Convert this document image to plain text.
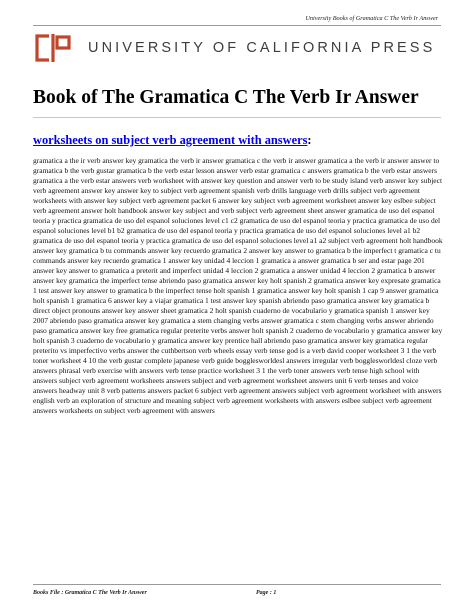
University Books of Gramatica C The Verb Ir Answer
UNIVERSITY OF CALIFORNIA PRESS
Book of The Gramatica C The Verb Ir Answer
worksheets on subject verb agreement with answers:

gramatica a the ir verb answer key gramatica the verb ir answer gramatica c the verb ir answer gramatica a the verb ir answer answer to gramatica b the verb gustar gramatica b the verb estar lesson answer verb estar gramatica c answers gramatica b the verb estar answers gramatica a the verb estar answers verb worksheet with answer key question and answer verb to be study island verb answer key subject verb agreement answer key answer key to subject verb agreement spanish verb drills language verb drills subject verb agreement worksheets with answer key subject verb agreement packet 6 answer key subject verb agreement worksheet answer key eslbee subject verb agreement answer holt handbook answer key subject and verb subject verb agreement sheet answer gramatica de uso del espanol teoria y practica gramatica de uso del espanol soluciones level c1 c2 gramatica de uso del espanol teoria y practica gramatica de uso del espanol soluciones level b1 b2 gramatica de uso del espanol teoria y practica gramatica de uso del espanol soluciones level a1 b2 gramatica de uso del espanol teoria y practica gramatica de uso del espanol soluciones level a1 a2 subject verb agreement holt handbook answer key gramatica b tu commands answer key recuerdo gramatica 2 answer key answer to gramatica b the imperfect t gramatica c tu commands answer key recuerdo gramatica 1 answer key unidad 4 leccion 1 gramatica a answer gramatica b ser and estar page 201 answer key answer to gramatica a preterit and imperfect unidad 4 leccion 2 gramatica a answer unidad 4 leccion 2 gramatica b answer answer key gramatica the imperfect tense abriendo paso gramatica answer key holt spanish 2 gramatica answer key expresate gramatica 1 test answer key answer to gramatica b the imperfect tense holt spanish 1 gramatica answer key holt spanish 1 cap 9 answer gramatica holt spanish 1 gramatica 6 answer key a viajar gramatica 1 test answer key spanish abriendo paso gramatica answer key gramatica b direct object pronouns answer key answer sheet gramatica 2 holt spanish cuaderno de vocabulario y gramatica spanish 1 answer key 2007 abriendo paso gramatica answer key gramatica a stem changing verbs answer gramatica c stem changing verbs answer abriendo paso gramatica answer key free gramatica regular preterite verbs answer holt spanish 2 cuaderno de vocabulario y gramatica answer key holt spanish 3 cuaderno de vocabulario y gramatica answer key prentice hall abriendo paso gramatica answer key gramatica regular preterito vs imperfectivo verbs answer the cuthbertson verb wheels essay verb tense god is a verb david cooper worksheet 3 1 the verb toner worksheet 4 10 the verb gustar complete japanese verb guide bogglesworldesl answers irregular verb bogglesworldesl cloze verb answers phrasal verb exercise with answers verb tense practice worksheet 3 1 the verb toner answers verb tense high school with answers subject verb agreement worksheets answers subject and verb agreement worksheet answers unit 6 verb tenses and voice answers headway unit 8 verb patterns answers packet 6 subject verb agreement answers subject verb agreement worksheet with answers english verb an exploration of structure and meaning subject verb agreement worksheets with answers eslbee subject verb agreement answers worksheets on subject verb agreement with answers

Books File : Gramatica C The Verb Ir Answer	Page : 1
